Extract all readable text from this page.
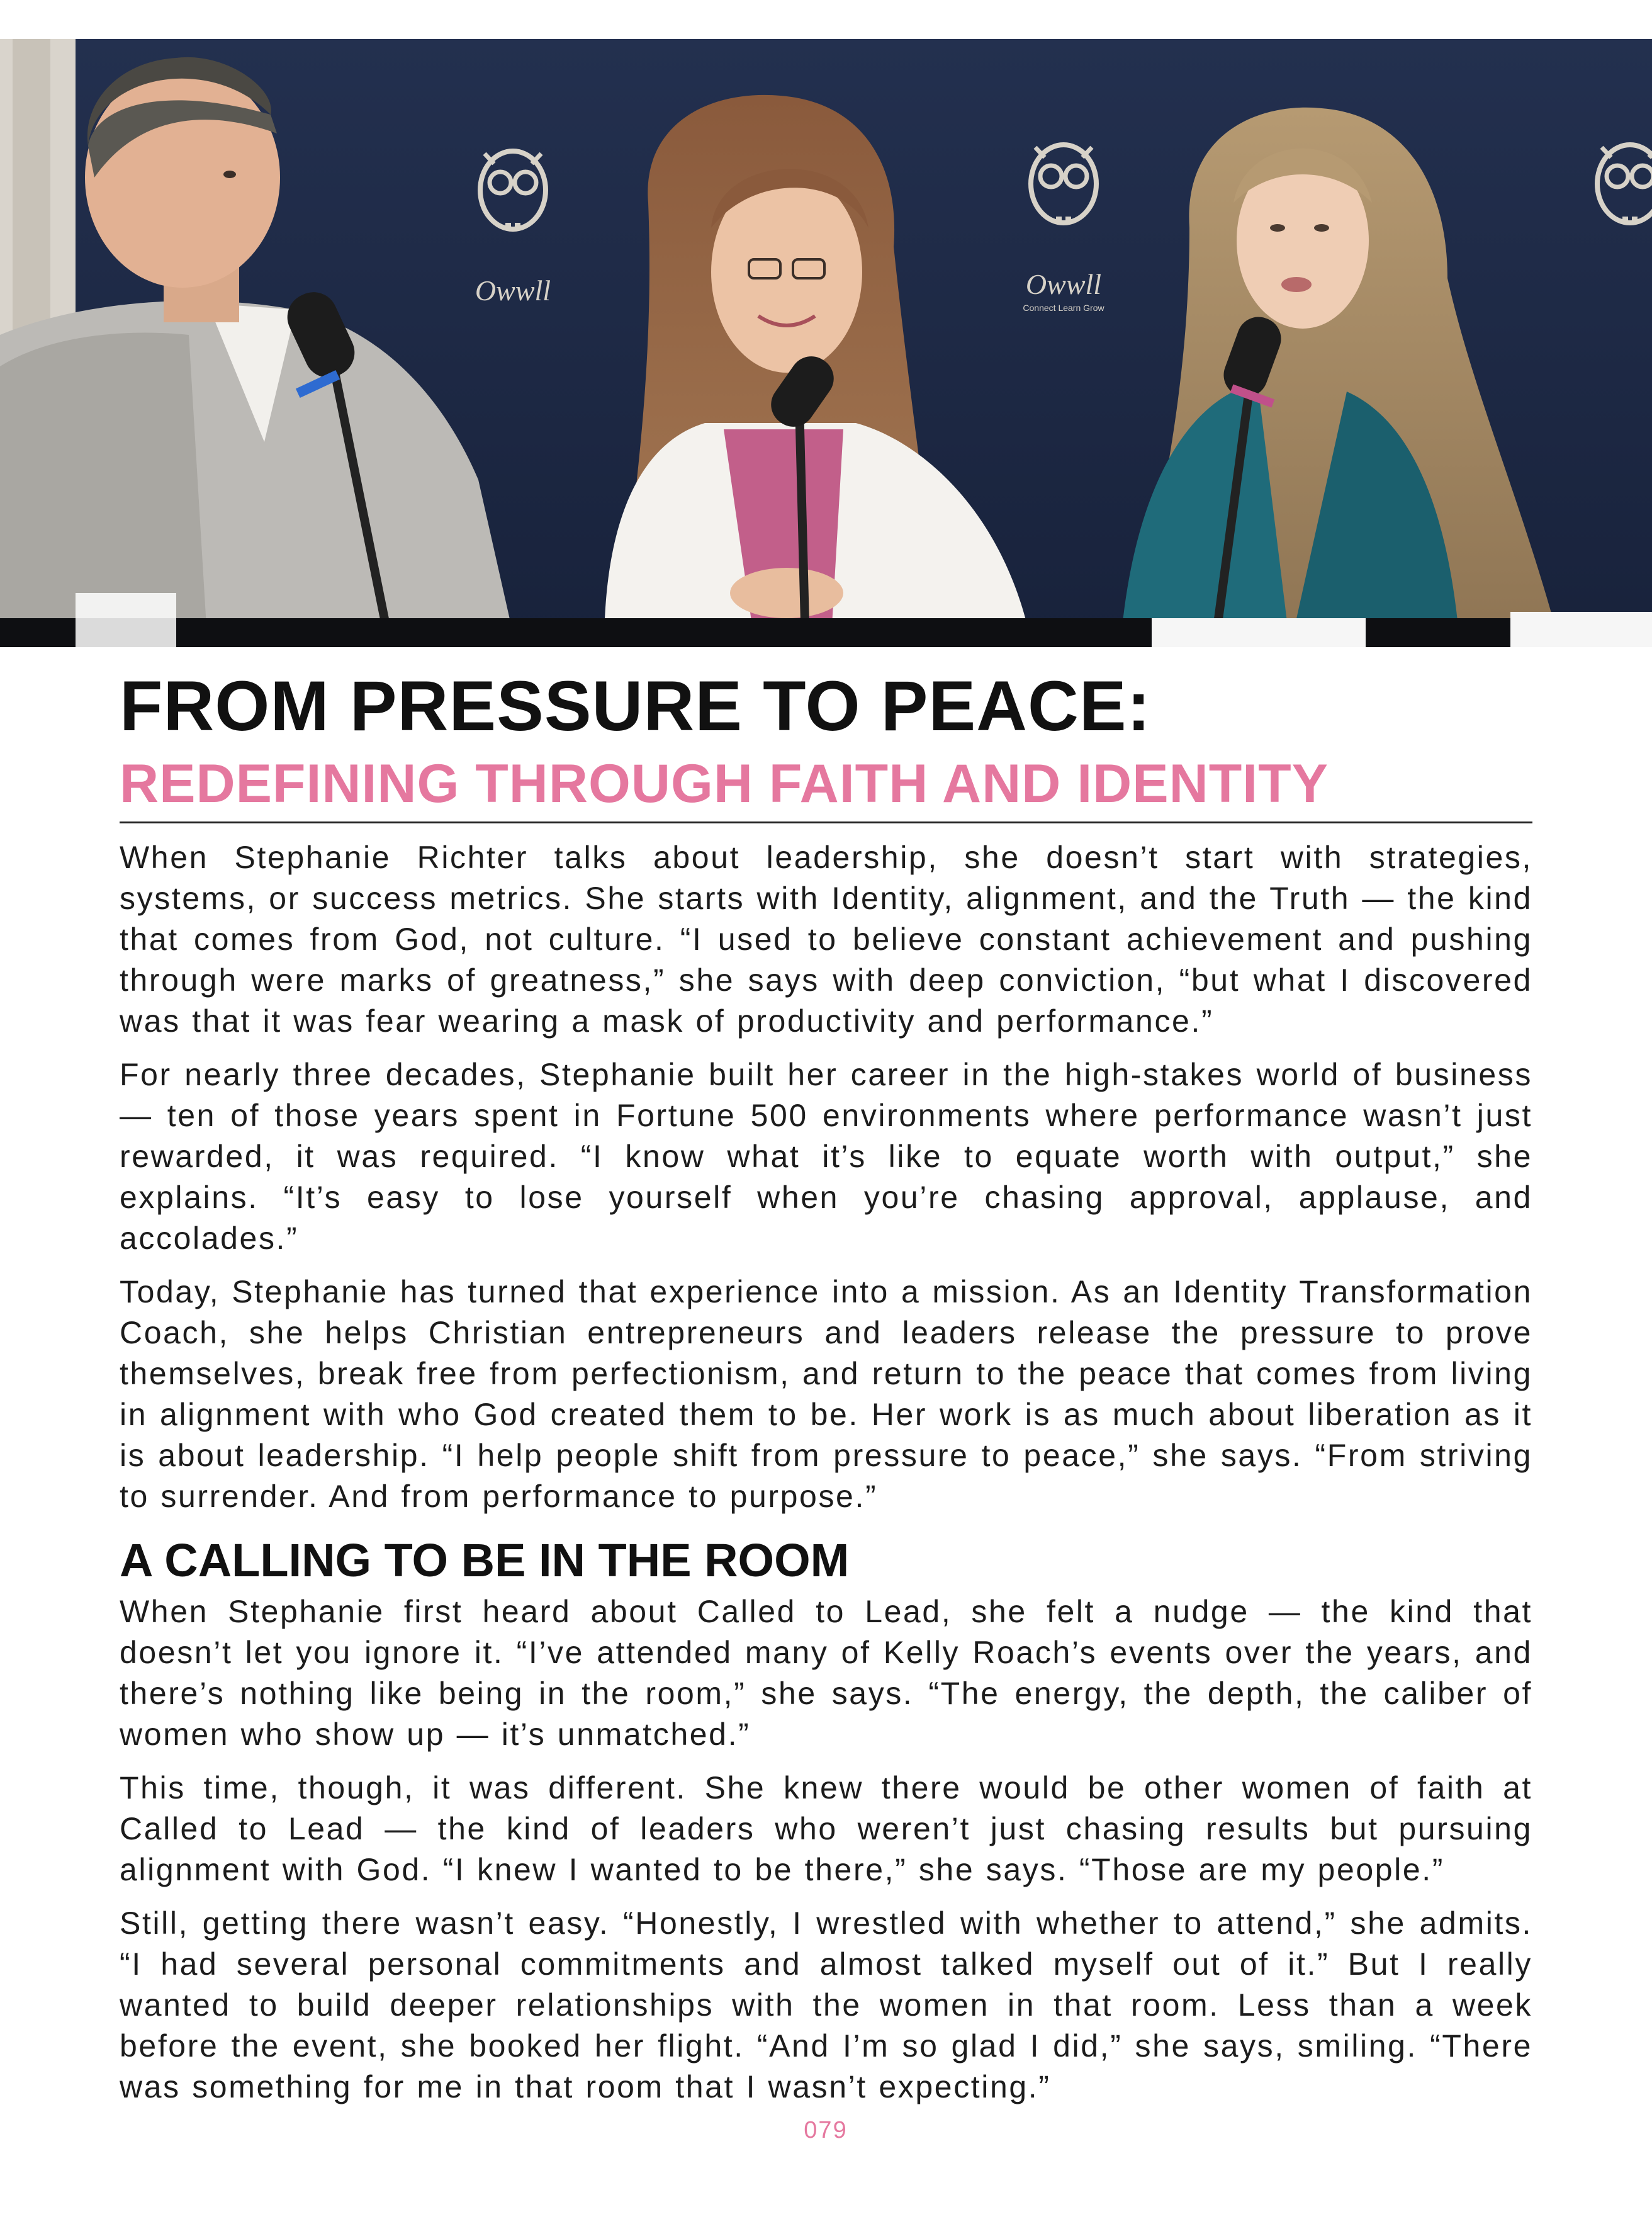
Owwll	Owwll
Connect Learn Grow
FROM PRESSURE TO PEACE:
REDEFINING THROUGH FAITH AND IDENTITY

When Stephanie Richter talks about leadership, she doesn’t start with strategies, systems, or success metrics. She starts with Identity, alignment, and the Truth — the kind that comes from God, not culture. “I used to believe constant achievement and pushing through were marks of greatness,” she says with deep conviction, “but what I discovered was that it was fear wearing a mask of productivity and performance.”

For nearly three decades, Stephanie built her career in the high-stakes world of business — ten of those years spent in Fortune 500 environments where performance wasn’t just rewarded, it was required. “I know what it’s like to equate worth with output,” she explains. “It’s easy to lose yourself when you’re chasing approval, applause, and accolades.”

Today, Stephanie has turned that experience into a mission. As an Identity Transformation Coach, she helps Christian entrepreneurs and leaders release the pressure to prove themselves, break free from perfectionism, and return to the peace that comes from living in alignment with who God created them to be. Her work is as much about liberation as it is about leadership. “I help people shift from pressure to peace,” she says. “From striving to surrender. And from performance to purpose.”

A CALLING TO BE IN THE ROOM

When Stephanie first heard about Called to Lead, she felt a nudge — the kind that doesn’t let you ignore it. “I’ve attended many of Kelly Roach’s events over the years, and there’s nothing like being in the room,” she says. “The energy, the depth, the caliber of women who show up — it’s unmatched.”

This time, though, it was different. She knew there would be other women of faith at Called to Lead — the kind of leaders who weren’t just chasing results but pursuing alignment with God. “I knew I wanted to be there,” she says. “Those are my people.”

Still, getting there wasn’t easy. “Honestly, I wrestled with whether to attend,” she admits. “I had several personal commitments and almost talked myself out of it.” But I really wanted to build deeper relationships with the women in that room. Less than a week before the event, she booked her flight. “And I’m so glad I did,” she says, smiling. “There was something for me in that room that I wasn’t expecting.”

079
